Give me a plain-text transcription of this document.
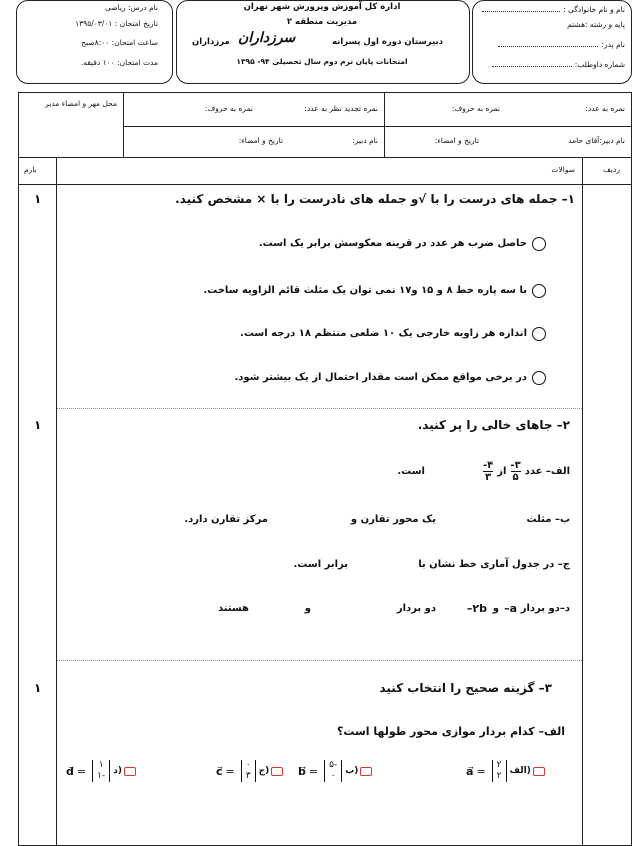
نام و نام خانوادگی :
پایه و رشته :هشتم
نام پدر:
شماره داوطلب:
اداره کل آموزش وپرورش شهر تهران
مدیریت منطقه ۲
دبیرستان دوره اول پسرانه
سرزداران
مرزداران
امتحانات پایان ترم دوم سال تحصیلی ۹۴- ۱۳۹۵
نام درس: ریاضی
تاریخ امتحان : ۱۳۹۵/۰۳/۰۱
ساعت امتحان: ۸:۰۰صبح
مدت امتحان: ۱۰۰ دقیقه.
نمره به عدد:
نمره به حروف:
نمره تجدید نظر به عدد:
نمره به حروف:
محل مهر و امضاء مدیر
نام دبیر:آقای حامد
تاریخ و امضاء:
نام دبیر:
تاریخ و امضاء:
ردیف
سوالات
بارم
۱– جمله های درست را با √و جمله های نادرست را با × مشخص کنید.
۱
حاصل ضرب هر عدد در قرینه معکوسش برابر یک است.
با سه پاره خط ۸ و ۱۵ و۱۷ نمی توان یک مثلث قائم الزاویه ساخت.
اندازه هر زاویه خارجی یک ۱۰ ضلعی منتظم ۱۸ درجه است.
در برخی مواقع ممکن است مقدار احتمال از یک بیشتر شود.
۲– جاهای خالی را پر کنید.
۱
الف– عدد
$\frac{۳-}{۵}$
از
$\frac{۴-}{۳}$
است.
ب– مثلث
یک محور تقارن و
مرکز تقارن دارد.
ج– در جدول آماری خط نشان با
برابر است.
د–دو بردار
a–
و
۲b–
دو بردار
و
هستند
۳– گزینه صحیح را انتخاب کنید
۱
الف– کدام بردار موازی محور طولها است؟
a = ۲
۲ الف)
b = ۵-
۰ ب)
c = ۰
۳ ج)
d = ۱
۱- د)
